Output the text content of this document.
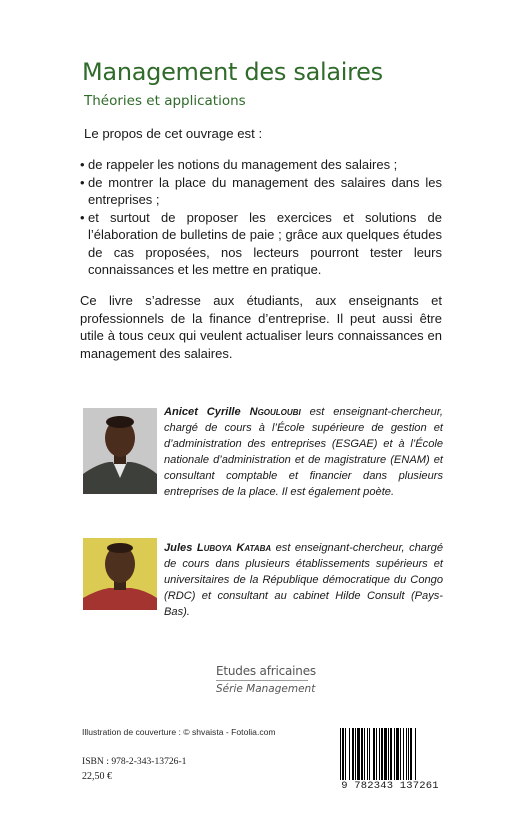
Management des salaires
Théories et applications
Le propos de cet ouvrage est :
• de rappeler les notions du management des salaires ;
• de montrer la place du management des salaires dans les entreprises ;
• et surtout de proposer les exercices et solutions de l’élaboration de bulletins de paie ; grâce aux quelques études de cas proposées, nos lecteurs pourront tester leurs connaissances et les mettre en pratique.
Ce livre s’adresse aux étudiants, aux enseignants et professionnels de la finance d’entreprise. Il peut aussi être utile à tous ceux qui veulent actualiser leurs connaissances en management des salaires.
Anicet Cyrille Ngouloubi est enseignant-chercheur, chargé de cours à l’École supérieure de gestion et d’administration des entreprises (ESGAE) et à l’École nationale d’administration et de magistrature (ENAM) et consultant comptable et financier dans plusieurs entreprises de la place. Il est également poète.
Jules Luboya Kataba est enseignant-chercheur, chargé de cours dans plusieurs établissements supérieurs et universitaires de la République démocratique du Congo (RDC) et consultant au cabinet Hilde Consult (Pays-Bas).
Etudes africaines
Série Management
Illustration de couverture : © shvaista - Fotolia.com
ISBN : 978-2-343-13726-1
22,50 €
9 782343 137261
